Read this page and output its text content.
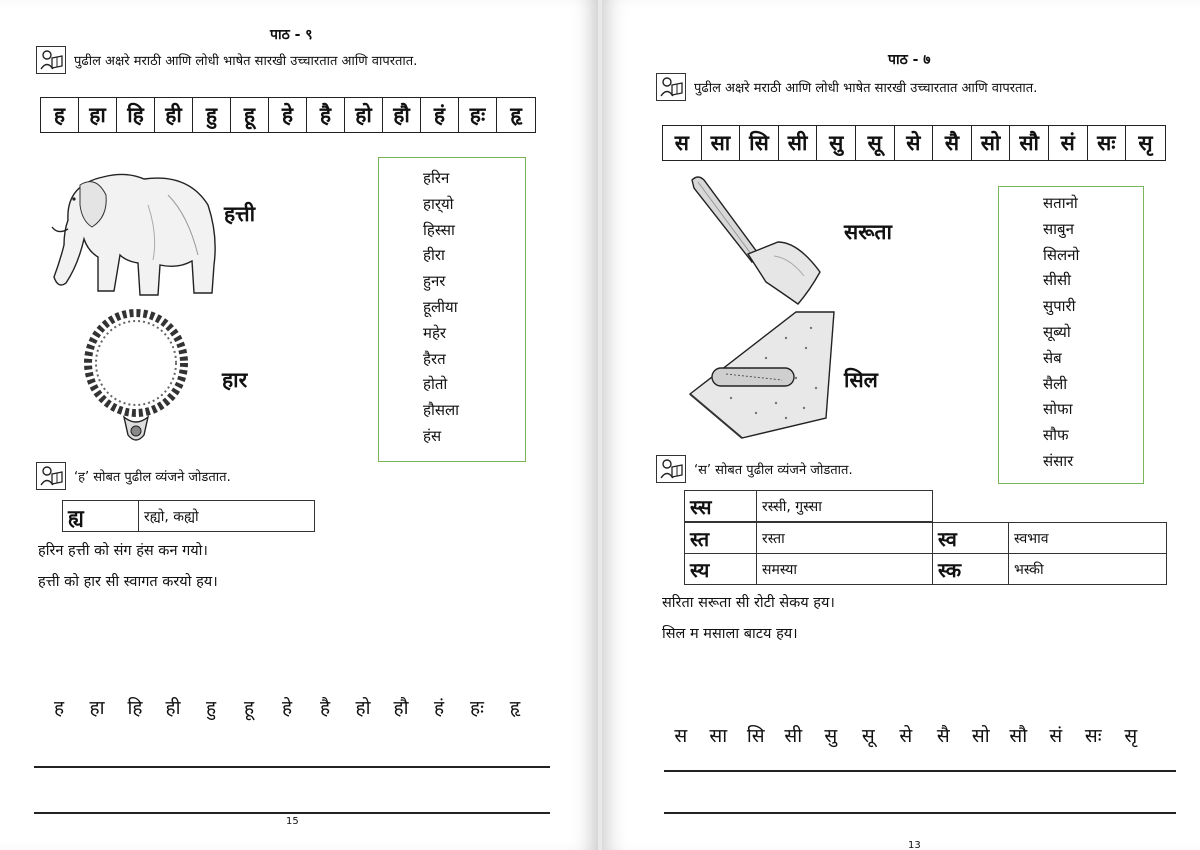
पाठ - ९
पुढील अक्षरे मराठी आणि लोधी भाषेत सारखी उच्चारतात आणि वापरतात.
ह	हा	हि	ही	हु	हू	हे	है	हो	हौ	हं	हः	हृ
हत्ती
हार
हरिन
हार्‌यो
हिस्सा
हीरा
हुनर
हूलीया
महेर
हैरत
होतो
हौसला
हंस
‘ह’ सोबत पुढील व्यंजने जोडतात.
ह्य	रह्यो, कह्यो
हरिन हत्ती को संग हंस कन गयो।
हत्ती को हार सी स्वागत करयो हय।
ह	हा	हि	ही	हु	हू	हे	है	हो	हौ	हं	हः	हृ
15
पाठ - ७
पुढील अक्षरे मराठी आणि लोधी भाषेत सारखी उच्चारतात आणि वापरतात.
स	सा सि सी	सु	सू	से	सै	सो सौ	सं	सः	सृ
सरूता
सिल
सतानो
साबुन
सिलनो
सीसी
सुपारी
सूब्यो
सेब
सैली
सोफा
सौफ
संसार
‘स’ सोबत पुढील व्यंजने जोडतात.
स्स	रस्सी, गुस्सा
स्त	रस्ता	स्व	स्वभाव
स्य	समस्या	स्क	भस्की
सरिता सरूता सी रोटी सेकय हय।
सिल म मसाला बाटय हय।
स	सा	सि	सी	सु	सू	से	सै	सो	सौ	सं	सः	सृ
13
